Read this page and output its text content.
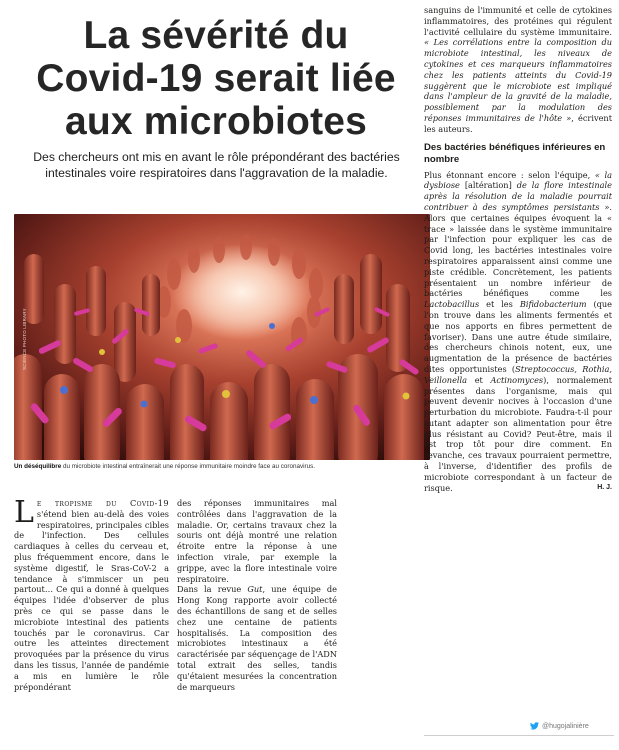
La sévérité du
Covid-19 serait liée
aux microbiotes

Des chercheurs ont mis en avant le rôle prépondérant des bactéries intestinales voire respiratoires dans l'aggravation de la maladie.

SCIENCE PHOTO LIBRARY

Un déséquilibre du microbiote intestinal entraînerait une réponse immunitaire moindre face au coronavirus.

Le tropisme du Covid-19 s'étend bien au-delà des voies respiratoires, principales cibles de l'infection. Des cellules cardiaques à celles du cerveau et, plus fréquemment encore, dans le système digestif, le Sras-CoV-2 a tendance à s'immiscer un peu partout… Ce qui a donné à quelques équipes l'idée d'observer de plus près ce qui se passe dans le microbiote intestinal des patients touchés par le coronavirus. Car outre les atteintes directement provoquées par la présence du virus dans les tissus, l'année de pandémie a mis en lumière le rôle prépondérant

des réponses immunitaires mal contrôlées dans l'aggravation de la maladie. Or, certains travaux chez la souris ont déjà montré une relation étroite entre la réponse à une infection virale, par exemple la grippe, avec la flore intestinale voire respiratoire.

Dans la revue Gut, une équipe de Hong Kong rapporte avoir collecté des échantillons de sang et de selles chez une centaine de patients hospitalisés. La composition des microbiotes intestinaux a été caractérisée par séquençage de l'ADN total extrait des selles, tandis qu'étaient mesurées la concentration de marqueurs

sanguins de l'immunité et celle de cytokines inflammatoires, des protéines qui régulent l'activité cellulaire du système immunitaire. « Les corrélations entre la composition du microbiote intestinal, les niveaux de cytokines et ces marqueurs inflammatoires chez les patients atteints du Covid-19 suggèrent que le microbiote est impliqué dans l'ampleur de la gravité de la maladie, possiblement par la modulation des réponses immunitaires de l'hôte », écrivent les auteurs.

Des bactéries bénéfiques inférieures en nombre

Plus étonnant encore : selon l'équipe, « la dysbiose [altération] de la flore intestinale après la résolution de la maladie pourrait contribuer à des symptômes persistants ». Alors que certaines équipes évoquent la « trace » laissée dans le système immunitaire par l'infection pour expliquer les cas de Covid long, les bactéries intestinales voire respiratoires apparaissent ainsi comme une piste crédible. Concrètement, les patients présentaient un nombre inférieur de bactéries bénéfiques comme les Lactobacillus et les Bifidobacterium (que l'on trouve dans les aliments fermentés et que nos apports en fibres permettent de favoriser). Dans une autre étude similaire, des chercheurs chinois notent, eux, une augmentation de la présence de bactéries dites opportunistes (Streptococcus, Rothia, Veillonella et Actinomyces), normalement présentes dans l'organisme, mais qui peuvent devenir nocives à l'occasion d'une perturbation du microbiote. Faudra-t-il pour autant adapter son alimentation pour être plus résistant au Covid? Peut-être, mais il est trop tôt pour dire comment. En revanche, ces travaux pourraient permettre, à l'inverse, d'identifier des profils de microbiote correspondant à un facteur de risque.	H. J.

@hugojalinière
